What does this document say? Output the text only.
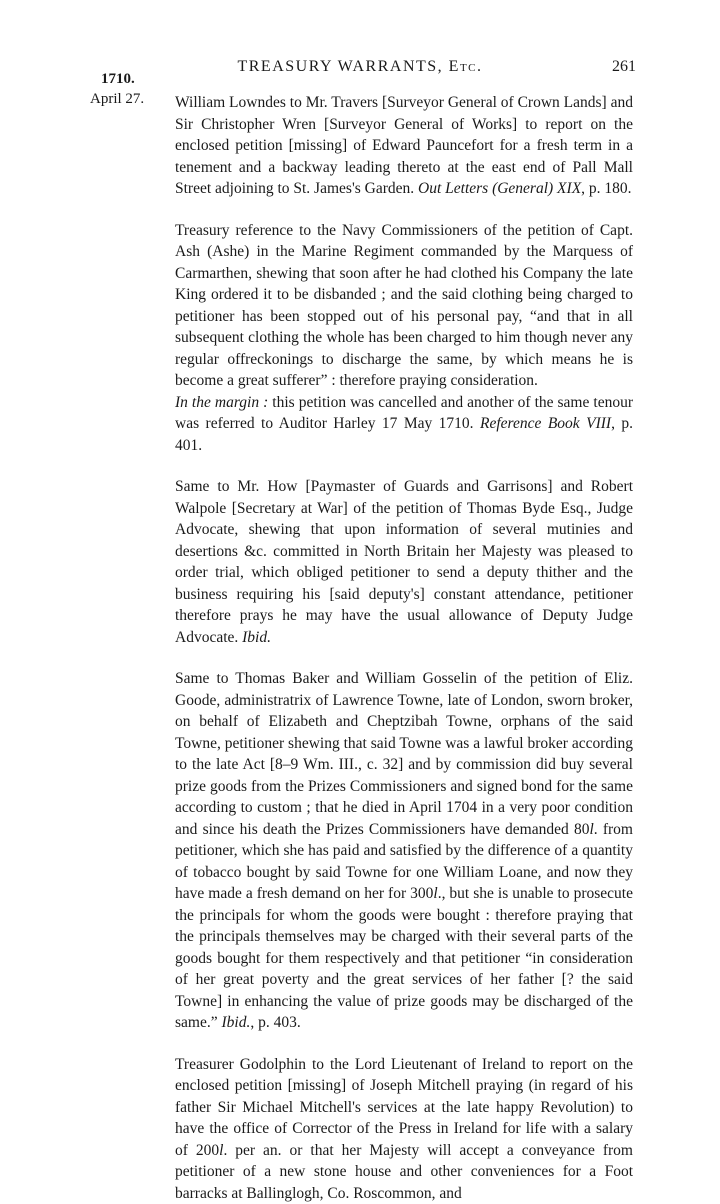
TREASURY WARRANTS, Etc.	261
1710.
April 27. William Lowndes to Mr. Travers [Surveyor General of Crown Lands] and Sir Christopher Wren [Surveyor General of Works] to report on the enclosed petition [missing] of Edward Pauncefort for a fresh term in a tenement and a backway leading thereto at the east end of Pall Mall Street adjoining to St. James's Garden. Out Letters (General) XIX, p. 180.

Treasury reference to the Navy Commissioners of the petition of Capt. Ash (Ashe) in the Marine Regiment commanded by the Marquess of Carmarthen, shewing that soon after he had clothed his Company the late King ordered it to be disbanded ; and the said clothing being charged to petitioner has been stopped out of his personal pay, “and that in all subsequent clothing the whole has been charged to him though never any regular offreckonings to discharge the same, by which means he is become a great sufferer” : therefore praying consideration.

In the margin : this petition was cancelled and another of the same tenour was referred to Auditor Harley 17 May 1710. Reference Book VIII, p. 401.

Same to Mr. How [Paymaster of Guards and Garrisons] and Robert Walpole [Secretary at War] of the petition of Thomas Byde Esq., Judge Advocate, shewing that upon information of several mutinies and desertions &c. committed in North Britain her Majesty was pleased to order trial, which obliged petitioner to send a deputy thither and the business requiring his [said deputy's] constant attendance, petitioner therefore prays he may have the usual allowance of Deputy Judge Advocate. Ibid.

Same to Thomas Baker and William Gosselin of the petition of Eliz. Goode, administratrix of Lawrence Towne, late of London, sworn broker, on behalf of Elizabeth and Cheptzibah Towne, orphans of the said Towne, petitioner shewing that said Towne was a lawful broker according to the late Act [8–9 Wm. III., c. 32] and by commission did buy several prize goods from the Prizes Commissioners and signed bond for the same according to custom ; that he died in April 1704 in a very poor condition and since his death the Prizes Commissioners have demanded 80l. from petitioner, which she has paid and satisfied by the difference of a quantity of tobacco bought by said Towne for one William Loane, and now they have made a fresh demand on her for 300l., but she is unable to prosecute the principals for whom the goods were bought : therefore praying that the principals themselves may be charged with their several parts of the goods bought for them respectively and that petitioner “in consideration of her great poverty and the great services of her father [? the said Towne] in enhancing the value of prize goods may be discharged of the same.” Ibid., p. 403.

Treasurer Godolphin to the Lord Lieutenant of Ireland to report on the enclosed petition [missing] of Joseph Mitchell praying (in regard of his father Sir Michael Mitchell's services at the late happy Revolution) to have the office of Corrector of the Press in Ireland for life with a salary of 200l. per an. or that her Majesty will accept a conveyance from petitioner of a new stone house and other conveniences for a Foot barracks at Ballinglogh, Co. Roscommon, and
